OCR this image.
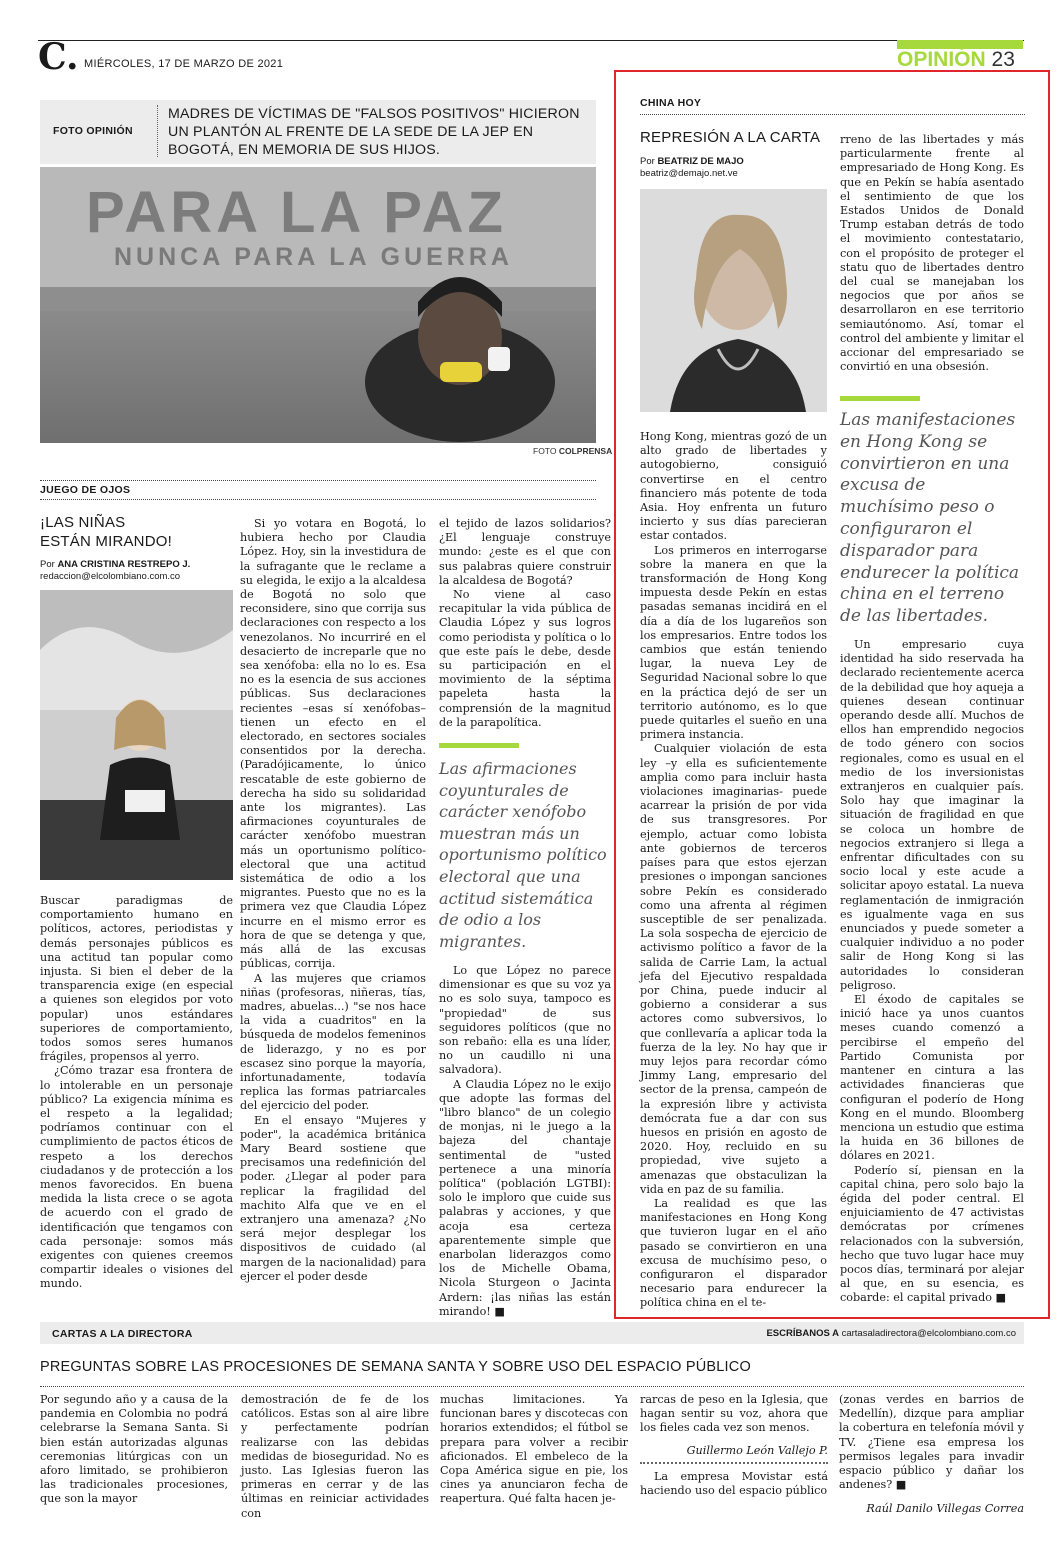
C. MIÉRCOLES, 17 DE MARZO DE 2021	OPINIÓN 23
FOTO OPINIÓN
MADRES DE VÍCTIMAS DE "FALSOS POSITIVOS" HICIERON UN PLANTÓN AL FRENTE DE LA SEDE DE LA JEP EN BOGOTÁ, EN MEMORIA DE SUS HIJOS.
PARA LA PAZ
NUNCA PARA LA GUERRA
FOTO COLPRENSA
JUEGO DE OJOS
¡LAS NIÑAS
ESTÁN MIRANDO!
Por ANA CRISTINA RESTREPO J.
redaccion@elcolombiano.com.co

Buscar paradigmas de comportamiento humano en políticos, actores, periodistas y demás personajes públicos es una actitud tan popular como injusta. Si bien el deber de la transparencia exige (en especial a quienes son elegidos por voto popular) unos estándares superiores de comportamiento, todos somos seres humanos frágiles, propensos al yerro.

¿Cómo trazar esa frontera de lo intolerable en un personaje público? La exigencia mínima es el respeto a la legalidad; podríamos continuar con el cumplimiento de pactos éticos de respeto a los derechos ciudadanos y de protección a los menos favorecidos. En buena medida la lista crece o se agota de acuerdo con el grado de identificación que tengamos con cada personaje: somos más exigentes con quienes creemos compartir ideales o visiones del mundo.

Si yo votara en Bogotá, lo hubiera hecho por Claudia López. Hoy, sin la investidura de la sufragante que le reclame a su elegida, le exijo a la alcaldesa de Bogotá no solo que reconsidere, sino que corrija sus declaraciones con respecto a los venezolanos. No incurriré en el desacierto de increparle que no sea xenófoba: ella no lo es. Esa no es la esencia de sus acciones públicas. Sus declaraciones recientes –esas sí xenófobas– tienen un efecto en el electorado, en sectores sociales consentidos por la derecha. (Paradójicamente, lo único rescatable de este gobierno de derecha ha sido su solidaridad ante los migrantes). Las afirmaciones coyunturales de carácter xenófobo muestran más un oportunismo político-electoral que una actitud sistemática de odio a los migrantes. Puesto que no es la primera vez que Claudia López incurre en el mismo error es hora de que se detenga y que, más allá de las excusas públicas, corrija.

A las mujeres que criamos niñas (profesoras, niñeras, tías, madres, abuelas...) "se nos hace la vida a cuadritos" en la búsqueda de modelos femeninos de liderazgo, y no es por escasez sino porque la mayoría, infortunadamente, todavía replica las formas patriarcales del ejercicio del poder.

En el ensayo "Mujeres y poder", la académica británica Mary Beard sostiene que precisamos una redefinición del poder. ¿Llegar al poder para replicar la fragilidad del machito Alfa que ve en el extranjero una amenaza? ¿No será mejor desplegar los dispositivos de cuidado (al margen de la nacionalidad) para ejercer el poder desde

el tejido de lazos solidarios? ¿El lenguaje construye mundo: ¿este es el que con sus palabras quiere construir la alcaldesa de Bogotá?

No viene al caso recapitular la vida pública de Claudia López y sus logros como periodista y política o lo que este país le debe, desde su participación en el movimiento de la séptima papeleta hasta la comprensión de la magnitud de la parapolítica.

Las afirmaciones coyunturales de carácter xenófobo muestran más un oportunismo político electoral que una actitud sistemática de odio a los migrantes.

Lo que López no parece dimensionar es que su voz ya no es solo suya, tampoco es "propiedad" de sus seguidores políticos (que no son rebaño: ella es una líder, no un caudillo ni una salvadora).

A Claudia López no le exijo que adopte las formas del "libro blanco" de un colegio de monjas, ni le juego a la bajeza del chantaje sentimental de "usted pertenece a una minoría política" (población LGTBI): solo le imploro que cuide sus palabras y acciones, y que acoja esa certeza aparentemente simple que enarbolan liderazgos como los de Michelle Obama, Nicola Sturgeon o Jacinta Ardern: ¡las niñas las están mirando! ■

CHINA HOY
REPRESIÓN A LA CARTA
Por BEATRIZ DE MAJO
beatriz@demajo.net.ve

Hong Kong, mientras gozó de un alto grado de libertades y autogobierno, consiguió convertirse en el centro financiero más potente de toda Asia. Hoy enfrenta un futuro incierto y sus días parecieran estar contados.

Los primeros en interrogarse sobre la manera en que la transformación de Hong Kong impuesta desde Pekín en estas pasadas semanas incidirá en el día a día de los lugareños son los empresarios. Entre todos los cambios que están teniendo lugar, la nueva Ley de Seguridad Nacional sobre lo que en la práctica dejó de ser un territorio autónomo, es lo que puede quitarles el sueño en una primera instancia.

Cualquier violación de esta ley –y ella es suficientemente amplia como para incluir hasta violaciones imaginarias- puede acarrear la prisión de por vida de sus transgresores. Por ejemplo, actuar como lobista ante gobiernos de terceros países para que estos ejerzan presiones o impongan sanciones sobre Pekín es considerado como una afrenta al régimen susceptible de ser penalizada. La sola sospecha de ejercicio de activismo político a favor de la salida de Carrie Lam, la actual jefa del Ejecutivo respaldada por China, puede inducir al gobierno a considerar a sus actores como subversivos, lo que conllevaría a aplicar toda la fuerza de la ley. No hay que ir muy lejos para recordar cómo Jimmy Lang, empresario del sector de la prensa, campeón de la expresión libre y activista demócrata fue a dar con sus huesos en prisión en agosto de 2020. Hoy, recluido en su propiedad, vive sujeto a amenazas que obstaculizan la vida en paz de su familia.

La realidad es que las manifestaciones en Hong Kong que tuvieron lugar en el año pasado se convirtieron en una excusa de muchísimo peso, o configuraron el disparador necesario para endurecer la política china en el te-

rreno de las libertades y más particularmente frente al empresariado de Hong Kong. Es que en Pekín se había asentado el sentimiento de que los Estados Unidos de Donald Trump estaban detrás de todo el movimiento contestatario, con el propósito de proteger el statu quo de libertades dentro del cual se manejaban los negocios que por años se desarrollaron en ese territorio semiautónomo. Así, tomar el control del ambiente y limitar el accionar del empresariado se convirtió en una obsesión.

Las manifestaciones en Hong Kong se convirtieron en una excusa de muchísimo peso o configuraron el disparador para endurecer la política china en el terreno de las libertades.

Un empresario cuya identidad ha sido reservada ha declarado recientemente acerca de la debilidad que hoy aqueja a quienes desean continuar operando desde allí. Muchos de ellos han emprendido negocios de todo género con socios regionales, como es usual en el medio de los inversionistas extranjeros en cualquier país. Solo hay que imaginar la situación de fragilidad en que se coloca un hombre de negocios extranjero si llega a enfrentar dificultades con su socio local y este acude a solicitar apoyo estatal. La nueva reglamentación de inmigración es igualmente vaga en sus enunciados y puede someter a cualquier individuo a no poder salir de Hong Kong si las autoridades lo consideran peligroso.

El éxodo de capitales se inició hace ya unos cuantos meses cuando comenzó a percibirse el empeño del Partido Comunista por mantener en cintura a las actividades financieras que configuran el poderío de Hong Kong en el mundo. Bloomberg menciona un estudio que estima la huida en 36 billones de dólares en 2021.

Poderío sí, piensan en la capital china, pero solo bajo la égida del poder central. El enjuiciamiento de 47 activistas demócratas por crímenes relacionados con la subversión, hecho que tuvo lugar hace muy pocos días, terminará por alejar al que, en su esencia, es cobarde: el capital privado ■

CARTAS A LA DIRECTORA	ESCRÍBANOS A cartasaladirectora@elcolombiano.com.co
PREGUNTAS SOBRE LAS PROCESIONES DE SEMANA SANTA Y SOBRE USO DEL ESPACIO PÚBLICO

Por segundo año y a causa de la pandemia en Colombia no podrá celebrarse la Semana Santa. Si bien están autorizadas algunas ceremonias litúrgicas con un aforo limitado, se prohibieron las tradicionales procesiones, que son la mayor

demostración de fe de los católicos. Estas son al aire libre y perfectamente podrían realizarse con las debidas medidas de bioseguridad. No es justo. Las Iglesias fueron las primeras en cerrar y de las últimas en reiniciar actividades con

muchas limitaciones. Ya funcionan bares y discotecas con horarios extendidos; el fútbol se prepara para volver a recibir aficionados. El embeleco de la Copa América sigue en pie, los cines ya anunciaron fecha de reapertura. Qué falta hacen je-

rarcas de peso en la Iglesia, que hagan sentir su voz, ahora que los fieles cada vez son menos.

Guillermo León Vallejo P.

La empresa Movistar está haciendo uso del espacio público

(zonas verdes en barrios de Medellín), dizque para ampliar la cobertura en telefonía móvil y TV. ¿Tiene esa empresa los permisos legales para invadir espacio público y dañar los andenes? ■

Raúl Danilo Villegas Correa
